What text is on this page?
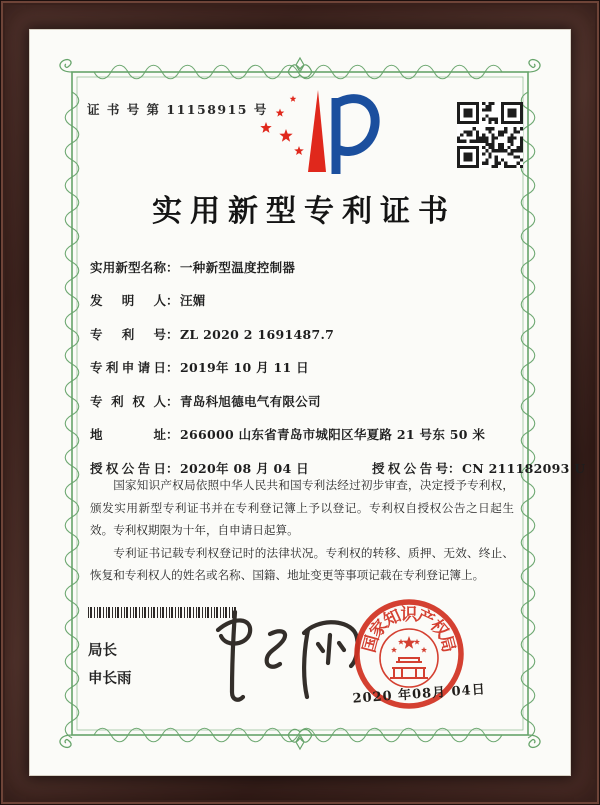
证 书 号 第 11158915 号
实用新型专利证书
实用新型名称：一种新型温度控制器
发明人：汪媚
专利号：ZL 2020 2 1691487.7
专利申请日：2019年 10 月 11 日
专利权人：青岛科旭德电气有限公司
地址：266000 山东省青岛市城阳区华夏路 21 号东 50 米
授权公告日：2020年 08 月 04 日	授权公告号：CN 211182093 U

国家知识产权局依照中华人民共和国专利法经过初步审查，决定授予专利权，颁发实用新型专利证书并在专利登记簿上予以登记。专利权自授权公告之日起生效。专利权期限为十年，自申请日起算。

专利证书记载专利权登记时的法律状况。专利权的转移、质押、无效、终止、恢复和专利权人的姓名或名称、国籍、地址变更等事项记载在专利登记簿上。

局长
申长雨
国
家
知
识
产
权
局
2020 年08月 04日
